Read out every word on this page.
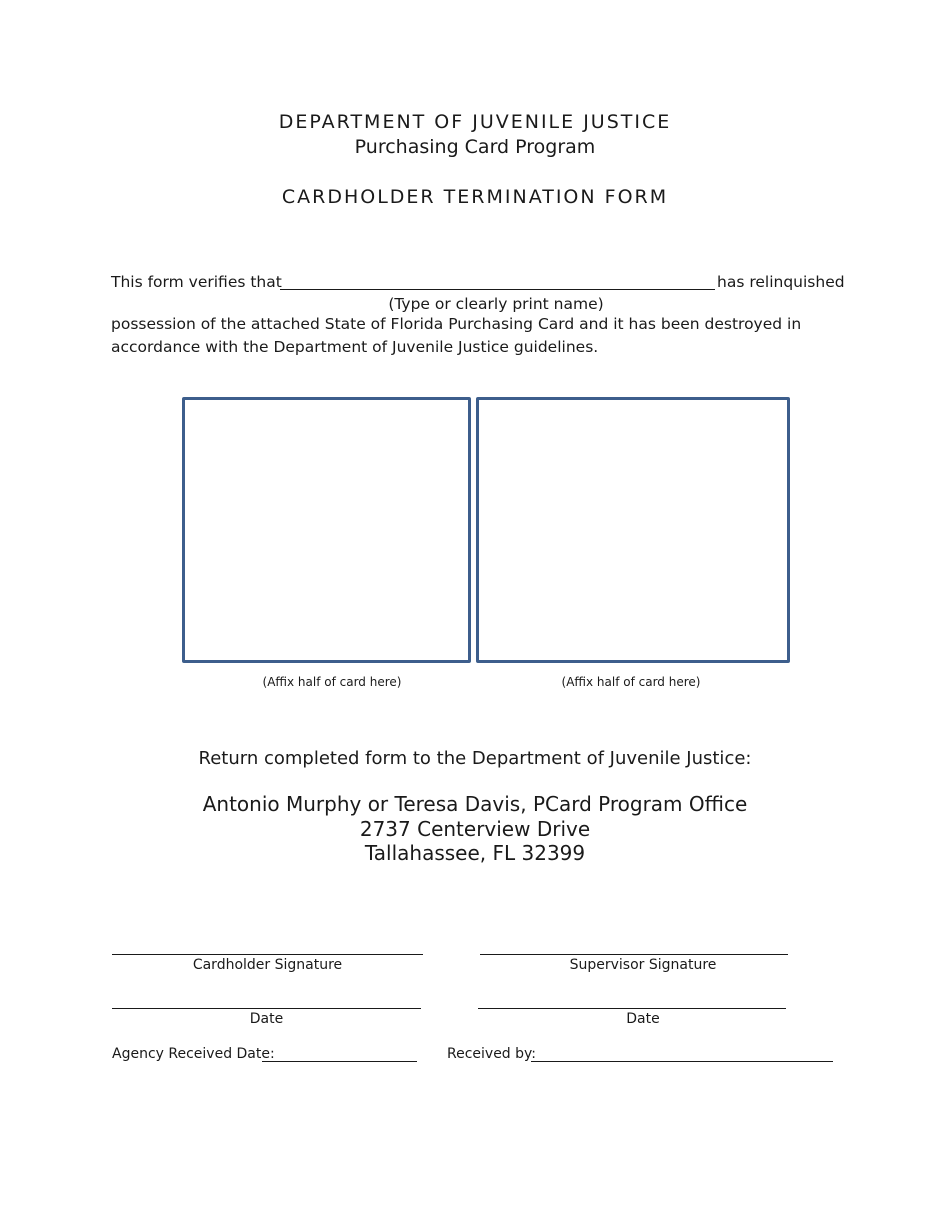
DEPARTMENT OF JUVENILE JUSTICE
Purchasing Card Program
CARDHOLDER TERMINATION FORM
This form verifies that	has relinquished
(Type or clearly print name)
possession of the attached State of Florida Purchasing Card and it has been destroyed in
accordance with the Department of Juvenile Justice guidelines.
(Affix half of card here)	(Affix half of card here)
Return completed form to the Department of Juvenile Justice:
Antonio Murphy or Teresa Davis, PCard Program Office
2737 Centerview Drive
Tallahassee, FL 32399
Cardholder Signature	Supervisor Signature
Date	Date
Agency Received Date:	Received by:
